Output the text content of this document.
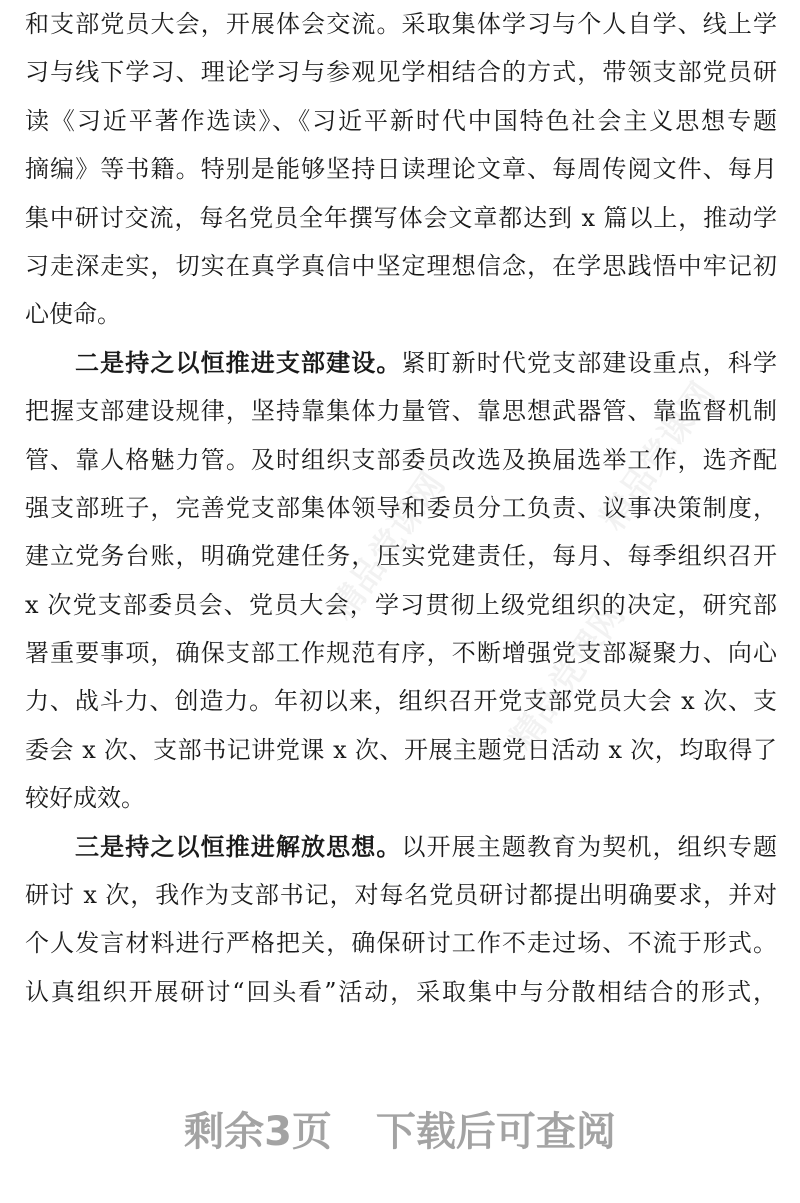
精品党课网
精品党课网
精品党课网
和支部党员大会，开展体会交流。采取集体学习与个人自学、线上学
习与线下学习、理论学习与参观见学相结合的方式，带领支部党员研
读《习近平著作选读》、《习近平新时代中国特色社会主义思想专题
摘编》等书籍。特别是能够坚持日读理论文章、每周传阅文件、每月
集中研讨交流，每名党员全年撰写体会文章都达到 x 篇以上，推动学
习走深走实，切实在真学真信中坚定理想信念，在学思践悟中牢记初
心使命。
二是持之以恒推进支部建设。紧盯新时代党支部建设重点，科学
把握支部建设规律，坚持靠集体力量管、靠思想武器管、靠监督机制
管、靠人格魅力管。及时组织支部委员改选及换届选举工作，选齐配
强支部班子，完善党支部集体领导和委员分工负责、议事决策制度，
建立党务台账，明确党建任务，压实党建责任，每月、每季组织召开
x 次党支部委员会、党员大会，学习贯彻上级党组织的决定，研究部
署重要事项，确保支部工作规范有序，不断增强党支部凝聚力、向心
力、战斗力、创造力。年初以来，组织召开党支部党员大会 x 次、支
委会 x 次、支部书记讲党课 x 次、开展主题党日活动 x 次，均取得了
较好成效。
三是持之以恒推进解放思想。以开展主题教育为契机，组织专题
研讨 x 次，我作为支部书记，对每名党员研讨都提出明确要求，并对
个人发言材料进行严格把关，确保研讨工作不走过场、不流于形式。
认真组织开展研讨“回头看”活动，采取集中与分散相结合的形式，
剩余3页 下载后可查阅
